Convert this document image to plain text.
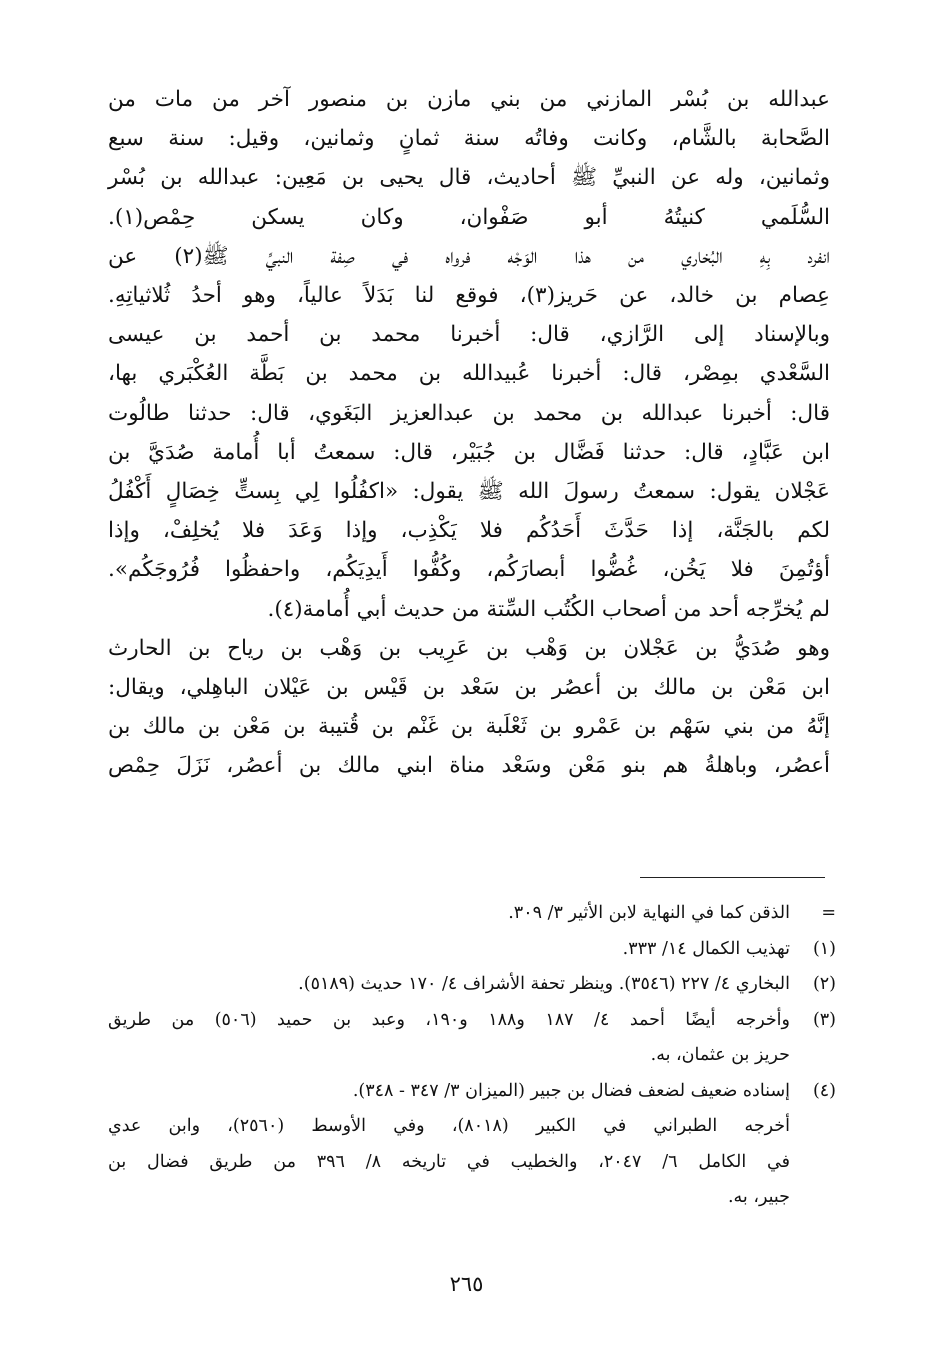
عبدالله بن بُسْر المازني من بني مازن بن منصور آخر من مات من
الصَّحابة بالشَّام، وكانت وفاتُه سنة ثمانٍ وثمانين، وقيل: سنة سبع
وثمانين، وله عن النبيِّ ﷺ أحاديث، قال يحيى بن مَعِين: عبدالله بن بُسْر
السُّلَمي كنيتُهُ أبو صَفْوان، وكان يسكن حِمْص(١).

انفرد بِهِ البُخاري من هذا الوَجْه فرواه في صِفة النبيِّ ﷺ(٢) عن
عِصام بن خالد، عن حَريز(٣)، فوقع لنا بَدَلاً عالياً، وهو أحدُ ثُلاثياتِهِ.

وبالإسناد إلى الرَّازي، قال: أخبرنا محمد بن أحمد بن عيسى
السَّعْدي بمِصْر، قال: أخبرنا عُبيدالله بن محمد بن بَطَّة العُكْبَري بها،
قال: أخبرنا عبدالله بن محمد بن عبدالعزيز البَغَوي، قال: حدثنا طالُوت
ابن عَبَّادٍ، قال: حدثنا فَضَّال بن جُبَيْر، قال: سمعتُ أبا أُمامة صُدَيَّ بن
عَجْلان يقول: سمعتُ رسولَ الله ﷺ يقول: «اكفُلُوا لِي بِستٍّ خِصَالٍ أَكْفُلُ
لكم بالجَنَّة، إذا حَدَّثَ أَحَدُكُم فلا يَكْذِب، وإذا وَعَدَ فلا يُخلِفْ، وإذا
أؤتُمِنَ فلا يَخُن، غُضُّوا أبصارَكُم، وكُفُّوا أَيدِيَكُم، واحفظُوا فُرُوجَكُم».

لم يُخرِّجه أحد من أصحاب الكُتُب السِّتة من حديث أبي أُمامة(٤).

وهو صُدَيُّ بن عَجْلان بن وَهْب بن عَرِيب بن وَهْب بن رياح بن الحارث
ابن مَعْن بن مالك بن أعصُر بن سَعْد بن قَيْس بن عَيْلان الباهِلي، ويقال:
إنَّهُ من بني سَهْم بن عَمْرو بن ثَعْلَبة بن غَنْم بن قُتيبة بن مَعْن بن مالك بن
أعصُر، وباهلةُ هم بنو مَعْن وسَعْد مناة ابني مالك بن أعصُر، نَزَلَ حِمْص

=
الذقن كما في النهاية لابن الأثير ٣/ ٣٠٩.
(١)
تهذيب الكمال ١٤/ ٣٣٣.
(٢)
البخاري ٤/ ٢٢٧ (٣٥٤٦). وينظر تحفة الأشراف ٤/ ١٧٠ حديث (٥١٨٩).
(٣)
وأخرجه أيضًا أحمد ٤/ ١٨٧ و١٨٨ و١٩٠، وعبد بن حميد (٥٠٦) من طريق
حريز بن عثمان، به.
(٤)
إسناده ضعيف لضعف فضال بن جبير (الميزان ٣/ ٣٤٧ - ٣٤٨).
أخرجه الطبراني في الكبير (٨٠١٨)، وفي الأوسط (٢٥٦٠)، وابن عدي
في الكامل ٦/ ٢٠٤٧، والخطيب في تاريخه ٨/ ٣٩٦ من طريق فضال بن
جبير، به.
٢٦٥
